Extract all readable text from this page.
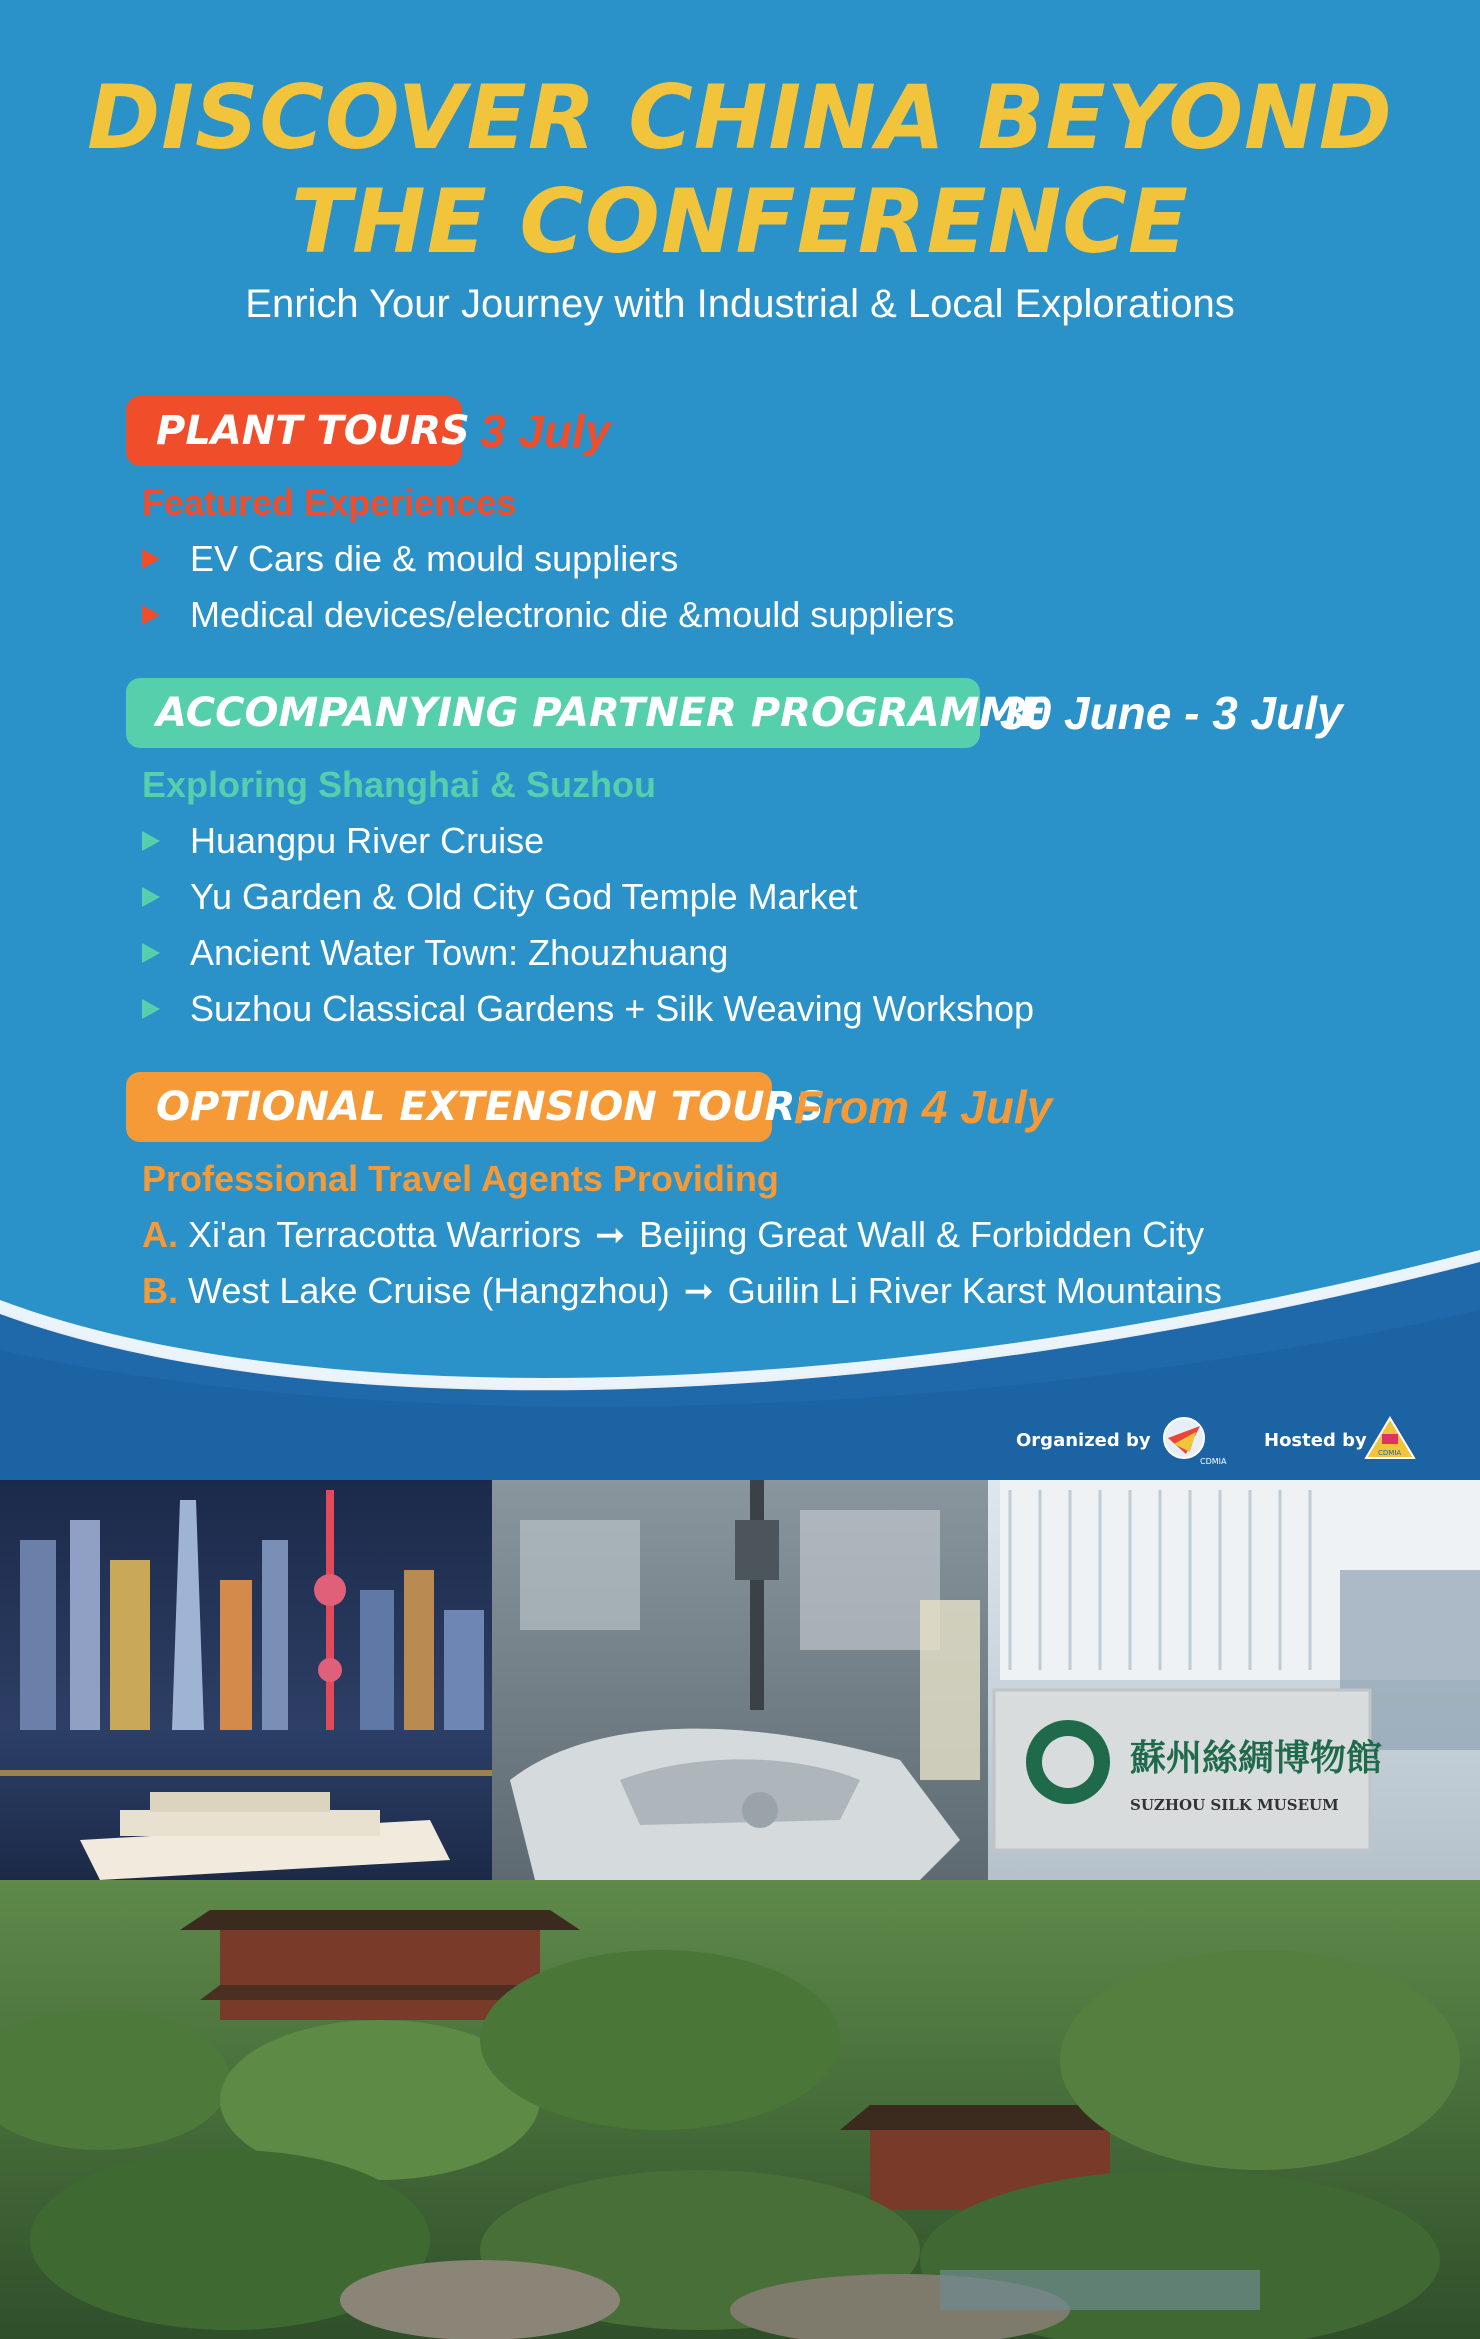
DISCOVER CHINA BEYOND
THE CONFERENCE
Enrich Your Journey with Industrial & Local Explorations
PLANT TOURS 3 July
Featured Experiences
EV Cars die & mould suppliers
Medical devices/electronic die &mould suppliers
ACCOMPANYING PARTNER PROGRAMME
30 June - 3 July
Exploring Shanghai & Suzhou
Huangpu River Cruise
Yu Garden & Old City God Temple Market
Ancient Water Town: Zhouzhuang
Suzhou Classical Gardens + Silk Weaving Workshop
OPTIONAL EXTENSION TOURS
From 4 July
Professional Travel Agents Providing
A. Xi'an Terracotta Warriors ➞ Beijing Great Wall & Forbidden City
B. West Lake Cruise (Hangzhou) ➞ Guilin Li River Karst Mountains
Organized by
CDMIA
Hosted by
CDMIA
蘇州絲綢博物館
SUZHOU SILK MUSEUM
